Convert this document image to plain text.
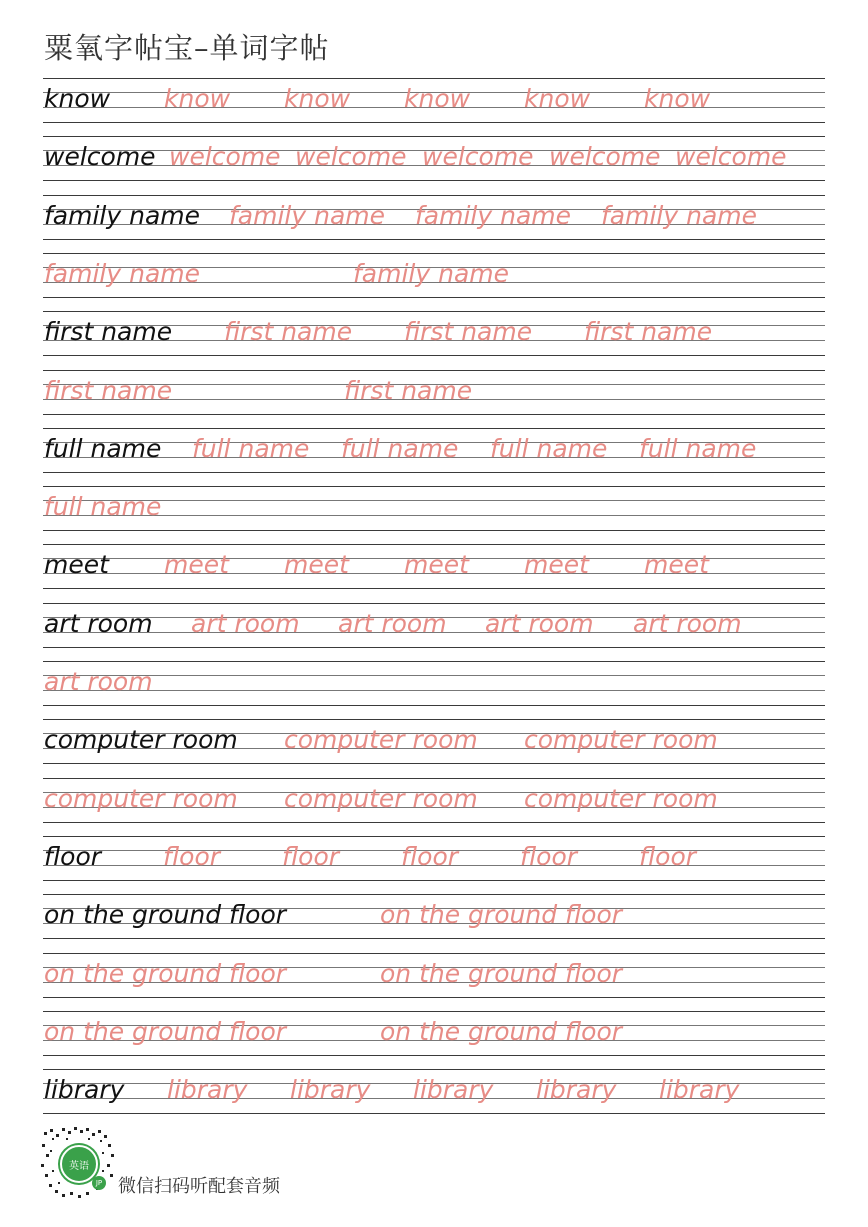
粟氧字帖宝–单词字帖
know know know know know know
welcome welcome welcome welcome welcome welcome
family name family name family name family name
family name	family name
first name first name first name first name
first name	first name
full name full name full name full name full name
full name
meet meet meet meet meet meet
art room art room art room art room art room
art room
computer room computer room computer room
computer room computer room computer room
floor floor floor floor floor floor
on the ground floor	on the ground floor
on the ground floor	on the ground floor
on the ground floor	on the ground floor
library library library library library library
英语
JP 微信扫码听配套音频
